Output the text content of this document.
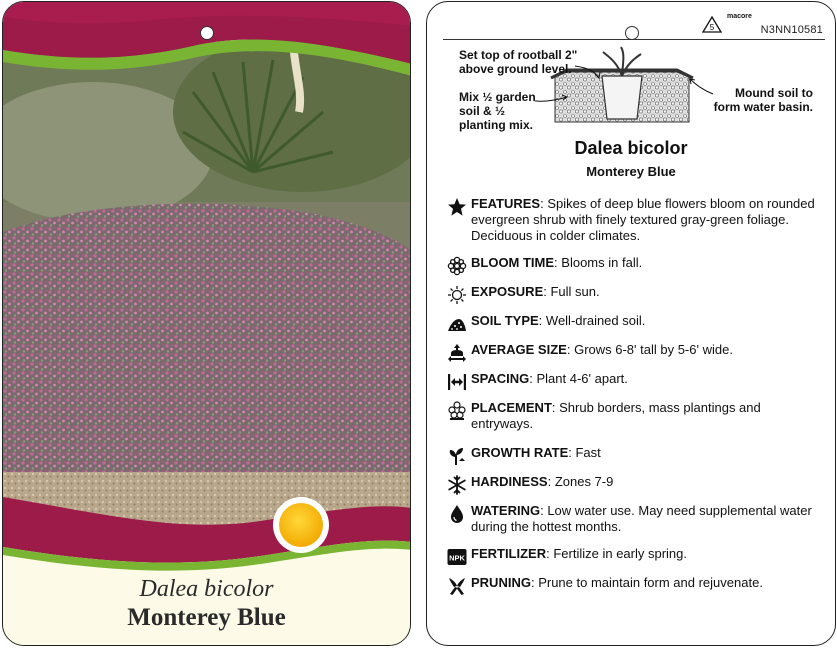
Dalea bicolor
Monterey Blue
5
macore
N3NN10581
Set top of rootball 2" above ground level.
Mix ½ garden soil & ½ planting mix.
Mound soil to form water basin.
Dalea bicolor
Monterey Blue
FEATURES: Spikes of deep blue flowers bloom on rounded evergreen shrub with finely textured gray-green foliage. Deciduous in colder climates.
BLOOM TIME: Blooms in fall.
EXPOSURE: Full sun.
SOIL TYPE: Well-drained soil.
AVERAGE SIZE: Grows 6-8' tall by 5-6' wide.
SPACING: Plant 4-6' apart.
PLACEMENT: Shrub borders, mass plantings and entryways.
GROWTH RATE: Fast
HARDINESS: Zones 7-9
WATERING: Low water use. May need supplemental water during the hottest months.
NPK FERTILIZER: Fertilize in early spring.
PRUNING: Prune to maintain form and rejuvenate.
